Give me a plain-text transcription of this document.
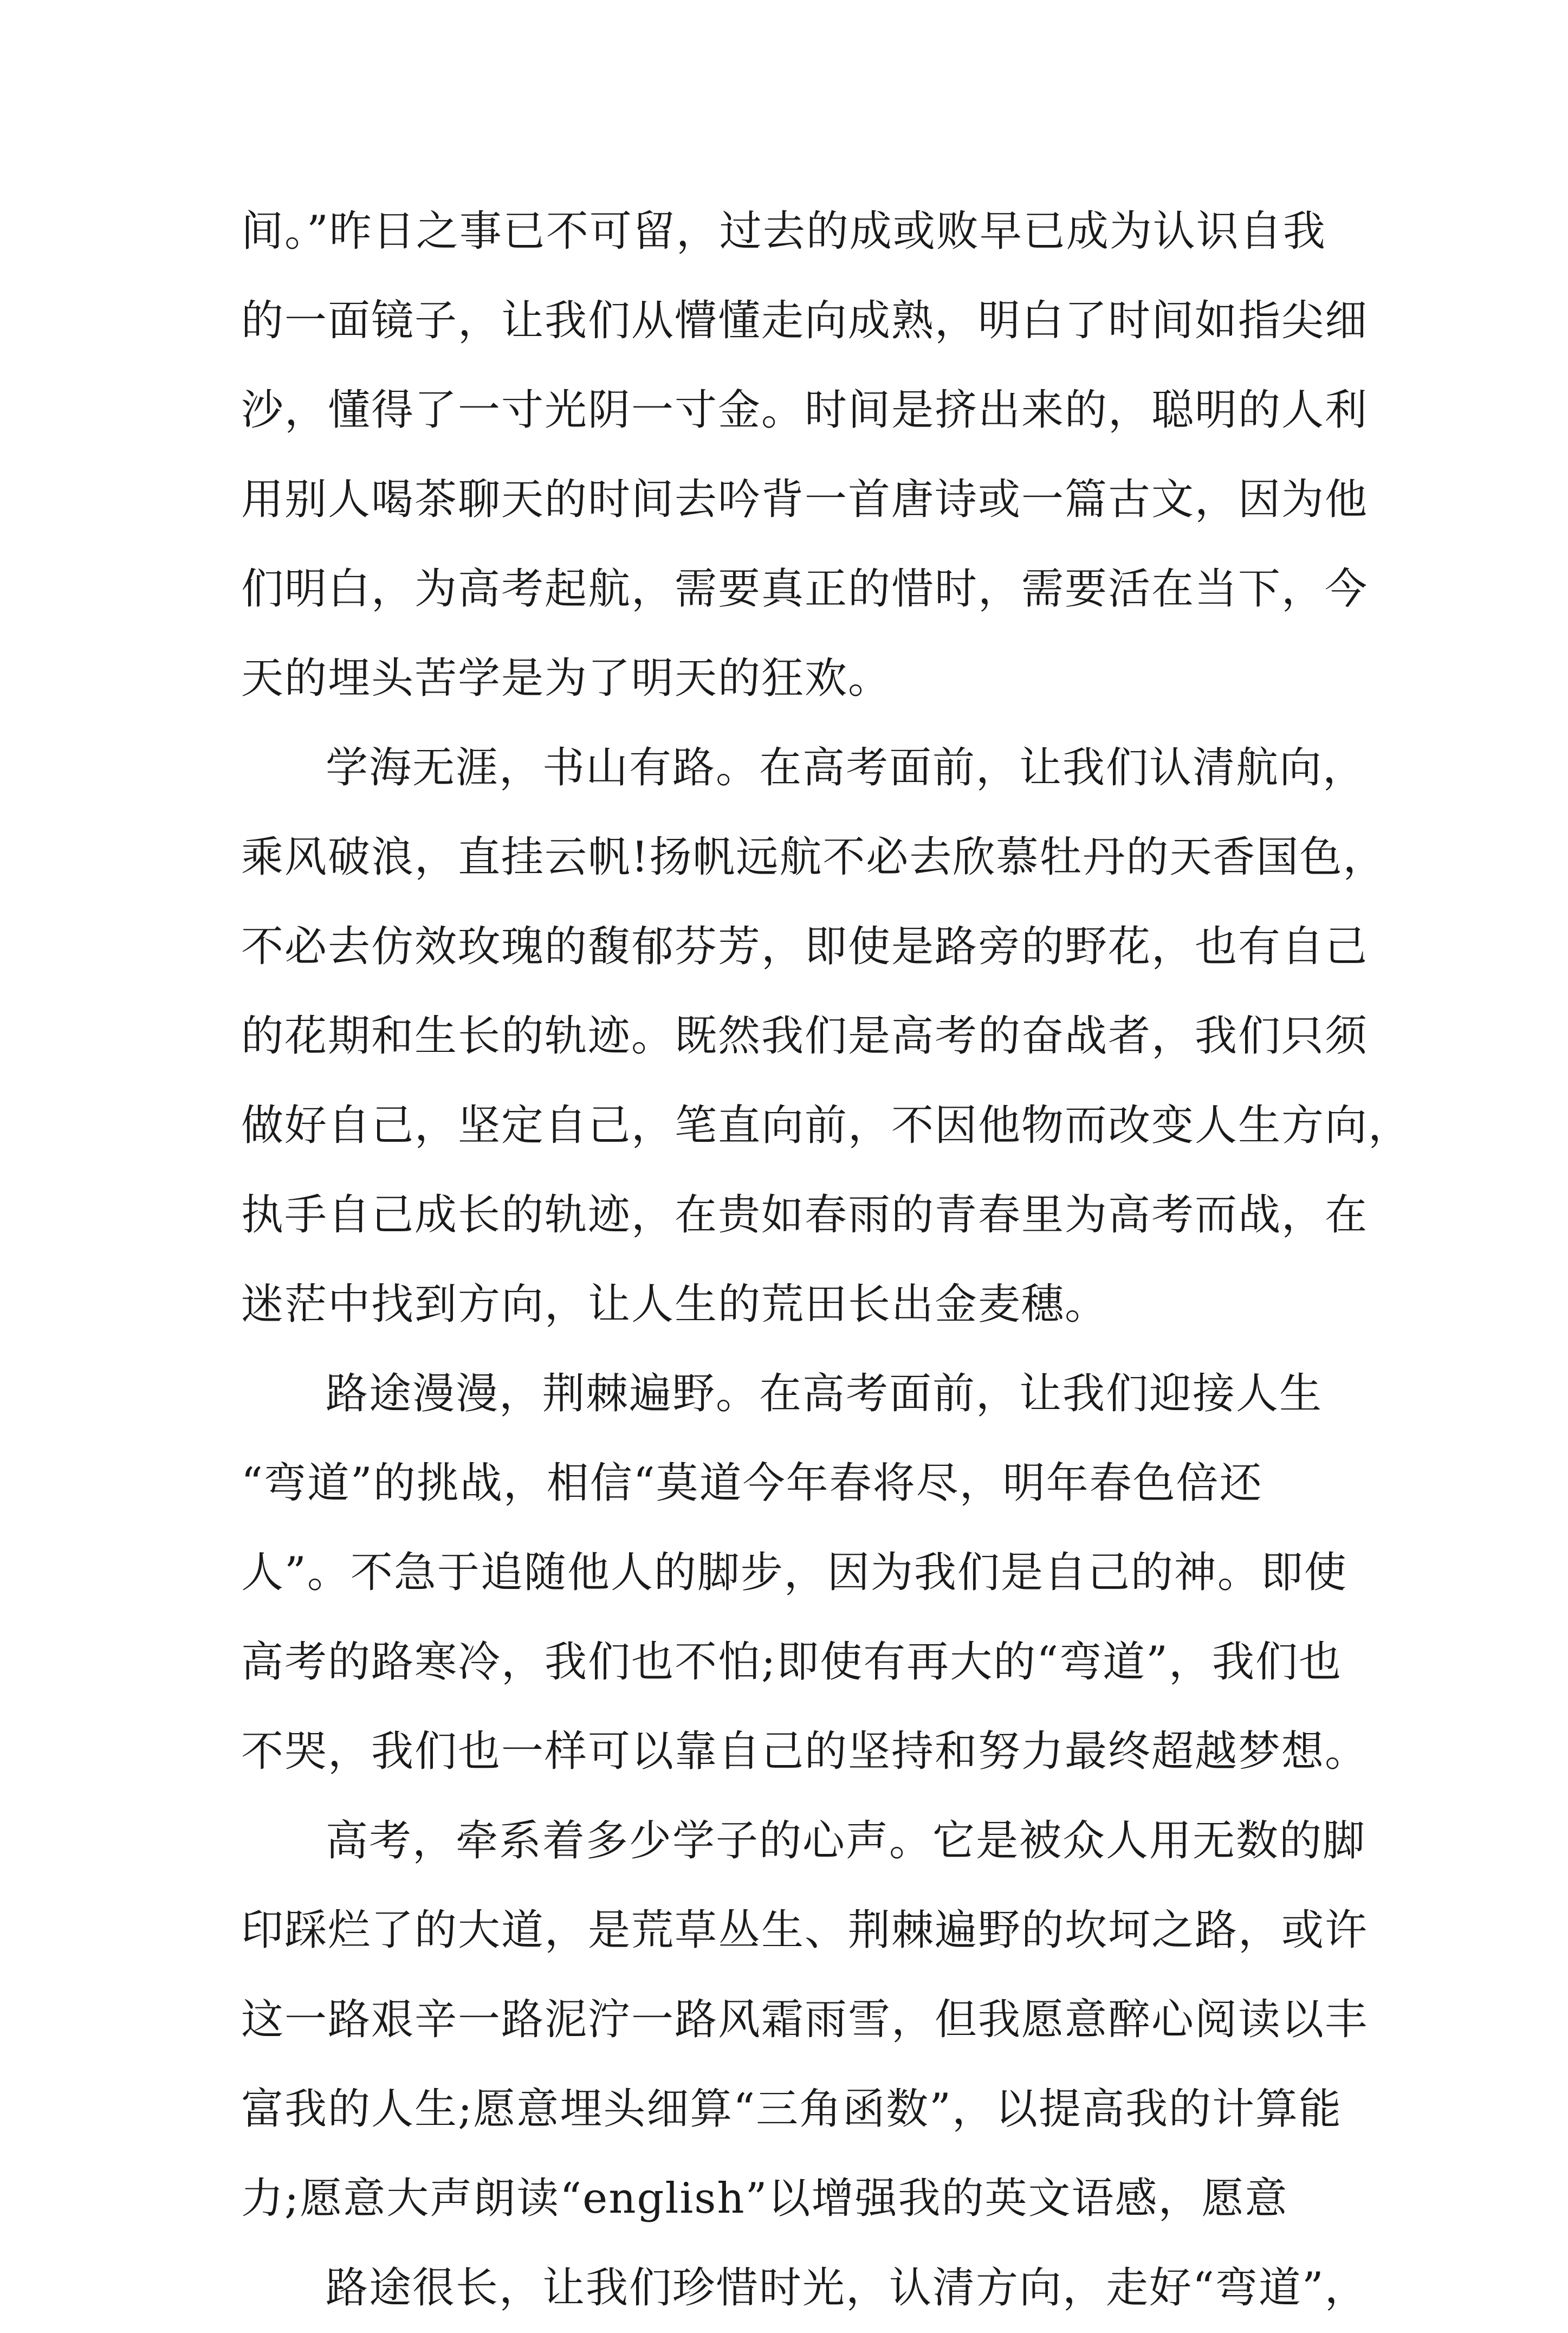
间。”昨日之事已不可留，过去的成或败早已成为认识自我
的一面镜子，让我们从懵懂走向成熟，明白了时间如指尖细
沙，懂得了一寸光阴一寸金。时间是挤出来的，聪明的人利
用别人喝茶聊天的时间去吟背一首唐诗或一篇古文，因为他
们明白，为高考起航，需要真正的惜时，需要活在当下，今
天的埋头苦学是为了明天的狂欢。
学海无涯，书山有路。在高考面前，让我们认清航向，
乘风破浪，直挂云帆!扬帆远航不必去欣慕牡丹的天香国色，
不必去仿效玫瑰的馥郁芬芳，即使是路旁的野花，也有自己
的花期和生长的轨迹。既然我们是高考的奋战者，我们只须
做好自己，坚定自己，笔直向前，不因他物而改变人生方向，
执手自己成长的轨迹，在贵如春雨的青春里为高考而战，在
迷茫中找到方向，让人生的荒田长出金麦穗。
路途漫漫，荆棘遍野。在高考面前，让我们迎接人生
“弯道”的挑战，相信“莫道今年春将尽，明年春色倍还
人”。不急于追随他人的脚步，因为我们是自己的神。即使
高考的路寒冷，我们也不怕;即使有再大的“弯道”，我们也
不哭，我们也一样可以靠自己的坚持和努力最终超越梦想。
高考，牵系着多少学子的心声。它是被众人用无数的脚
印踩烂了的大道，是荒草丛生、荆棘遍野的坎坷之路，或许
这一路艰辛一路泥泞一路风霜雨雪，但我愿意醉心阅读以丰
富我的人生;愿意埋头细算“三角函数”，以提高我的计算能
力;愿意大声朗读“english”以增强我的英文语感，愿意
路途很长，让我们珍惜时光，认清方向，走好“弯道”，
